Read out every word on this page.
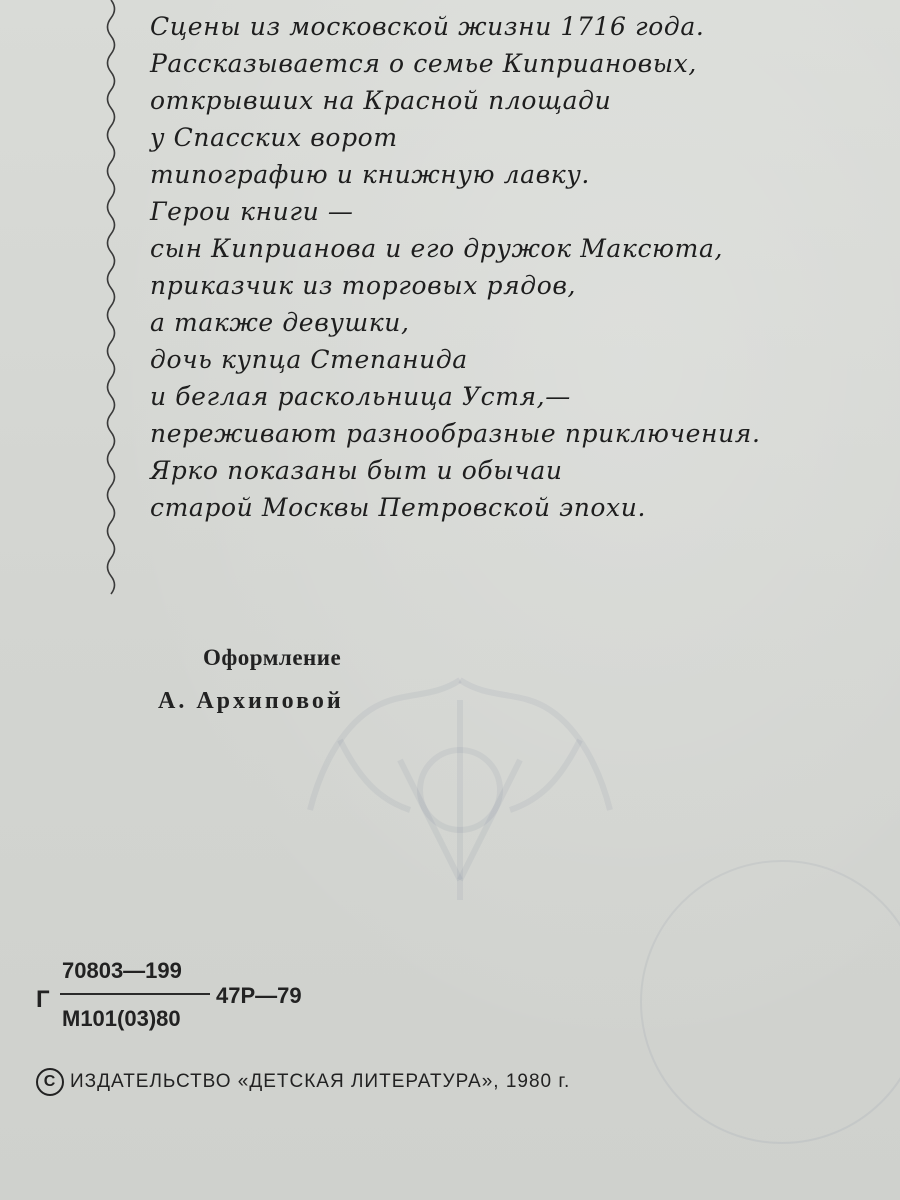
Сцены из московской жизни 1716 года.
Рассказывается о семье Киприановых,
открывших на Красной площади
у Спасских ворот
типографию и книжную лавку.
Герои книги —
сын Киприанова и его дружок Максюта,
приказчик из торговых рядов,
а также девушки,
дочь купца Степанида
и беглая раскольница Устя,—
переживают разнообразные приключения.
Ярко показаны быт и обычаи
старой Москвы Петровской эпохи.
Оформление
А. Архиповой
Г
70803—199
М101(03)80
47Р—79
C ИЗДАТЕЛЬСТВО «ДЕТСКАЯ ЛИТЕРАТУРА», 1980 г.
